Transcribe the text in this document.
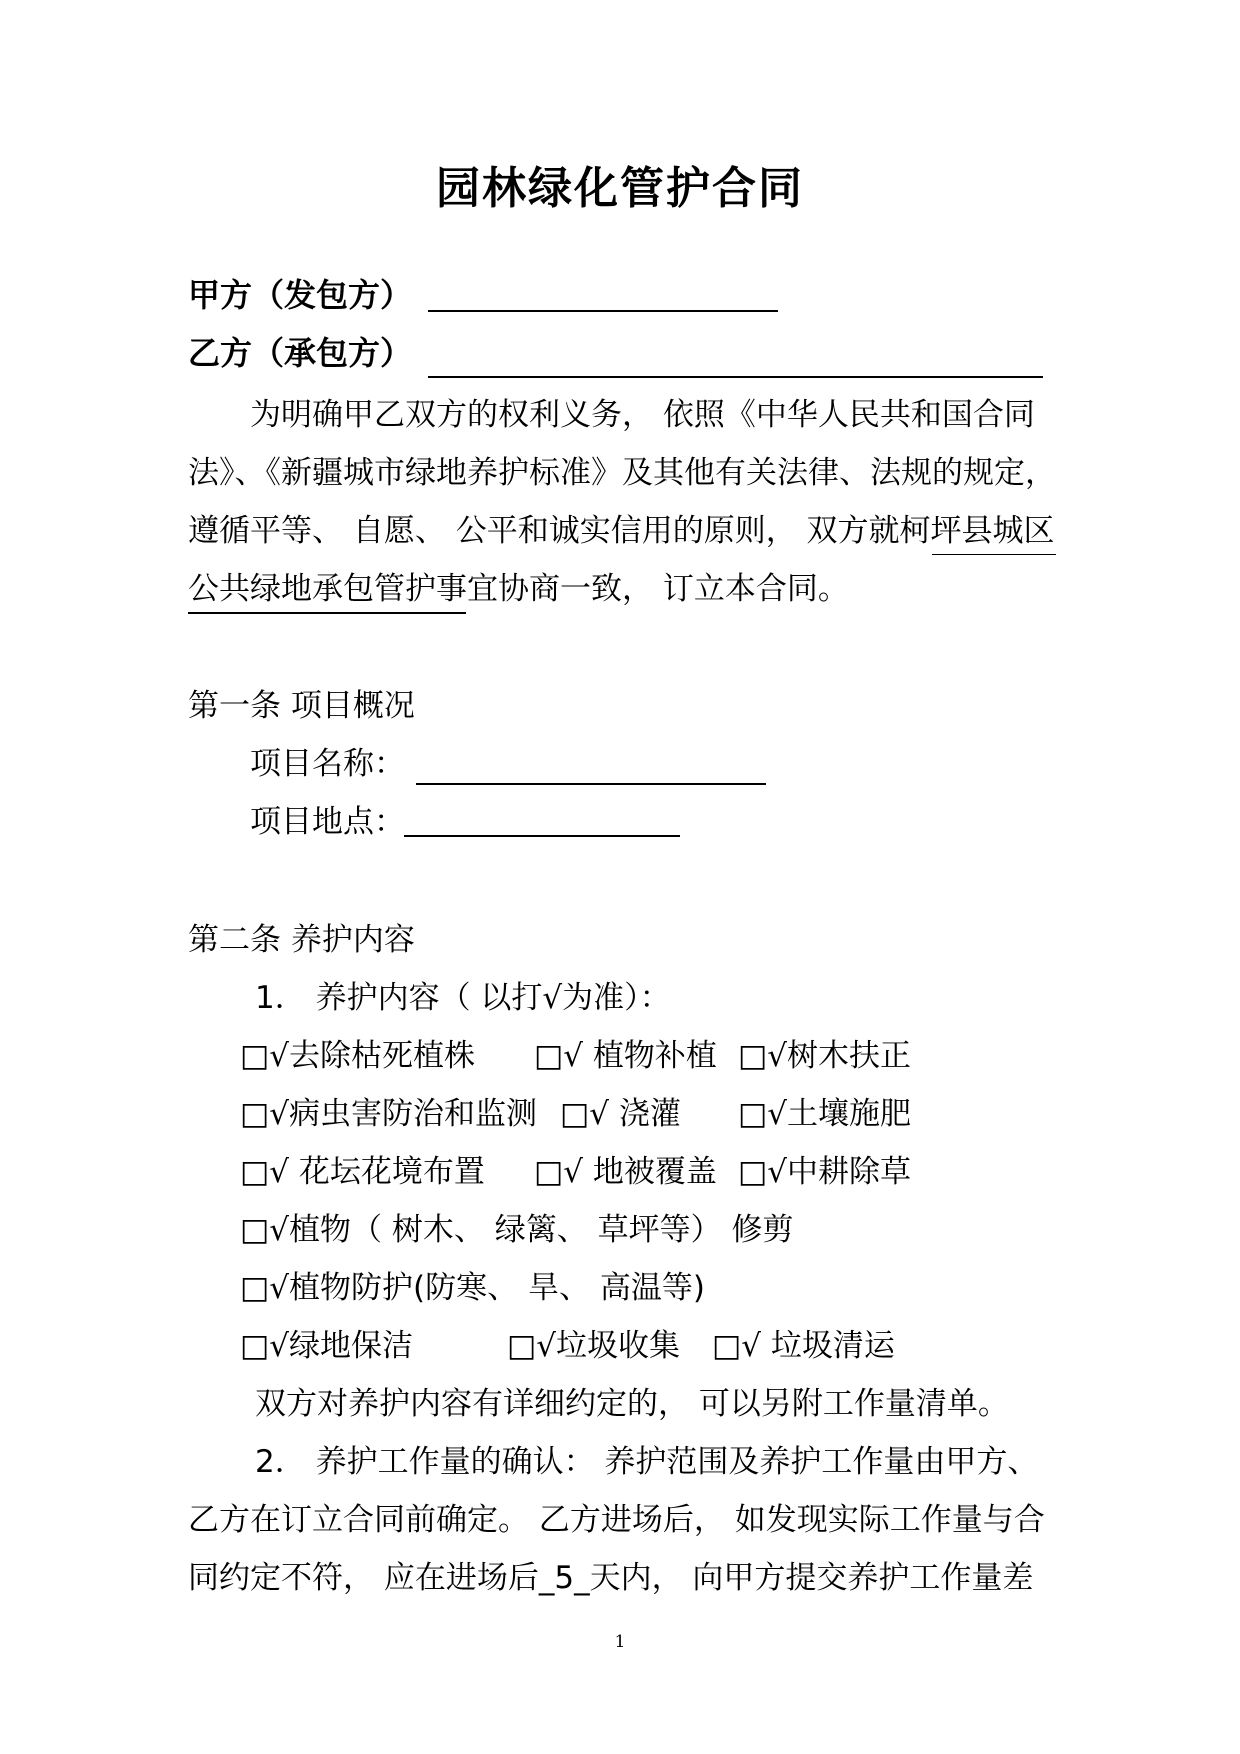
园林绿化管护合同
甲方（发包方）
乙方（承包方）
为明确甲乙双方的权利义务， 依照《中华人民共和国合同
法》、《新疆城市绿地养护标准》及其他有关法律、法规的规定，
遵循平等、 自愿、 公平和诚实信用的原则， 双方就柯坪县城区
公共绿地承包管护事宜协商一致， 订立本合同。
第一条 项目概况
项目名称：
项目地点：
第二条 养护内容
1． 养护内容（ 以打√为准）：
□√去除枯死植株 □√ 植物补植 □√树木扶正
□√病虫害防治和监测 □√ 浇灌 □√土壤施肥
□√ 花坛花境布置 □√ 地被覆盖 □√中耕除草
□√植物（ 树木、 绿篱、 草坪等） 修剪
□√植物防护(防寒、 旱、 高温等)
□√绿地保洁	□√垃圾收集 □√ 垃圾清运
双方对养护内容有详细约定的， 可以另附工作量清单。
2． 养护工作量的确认： 养护范围及养护工作量由甲方、
乙方在订立合同前确定。 乙方进场后， 如发现实际工作量与合
同约定不符， 应在进场后_5_天内， 向甲方提交养护工作量差
1
